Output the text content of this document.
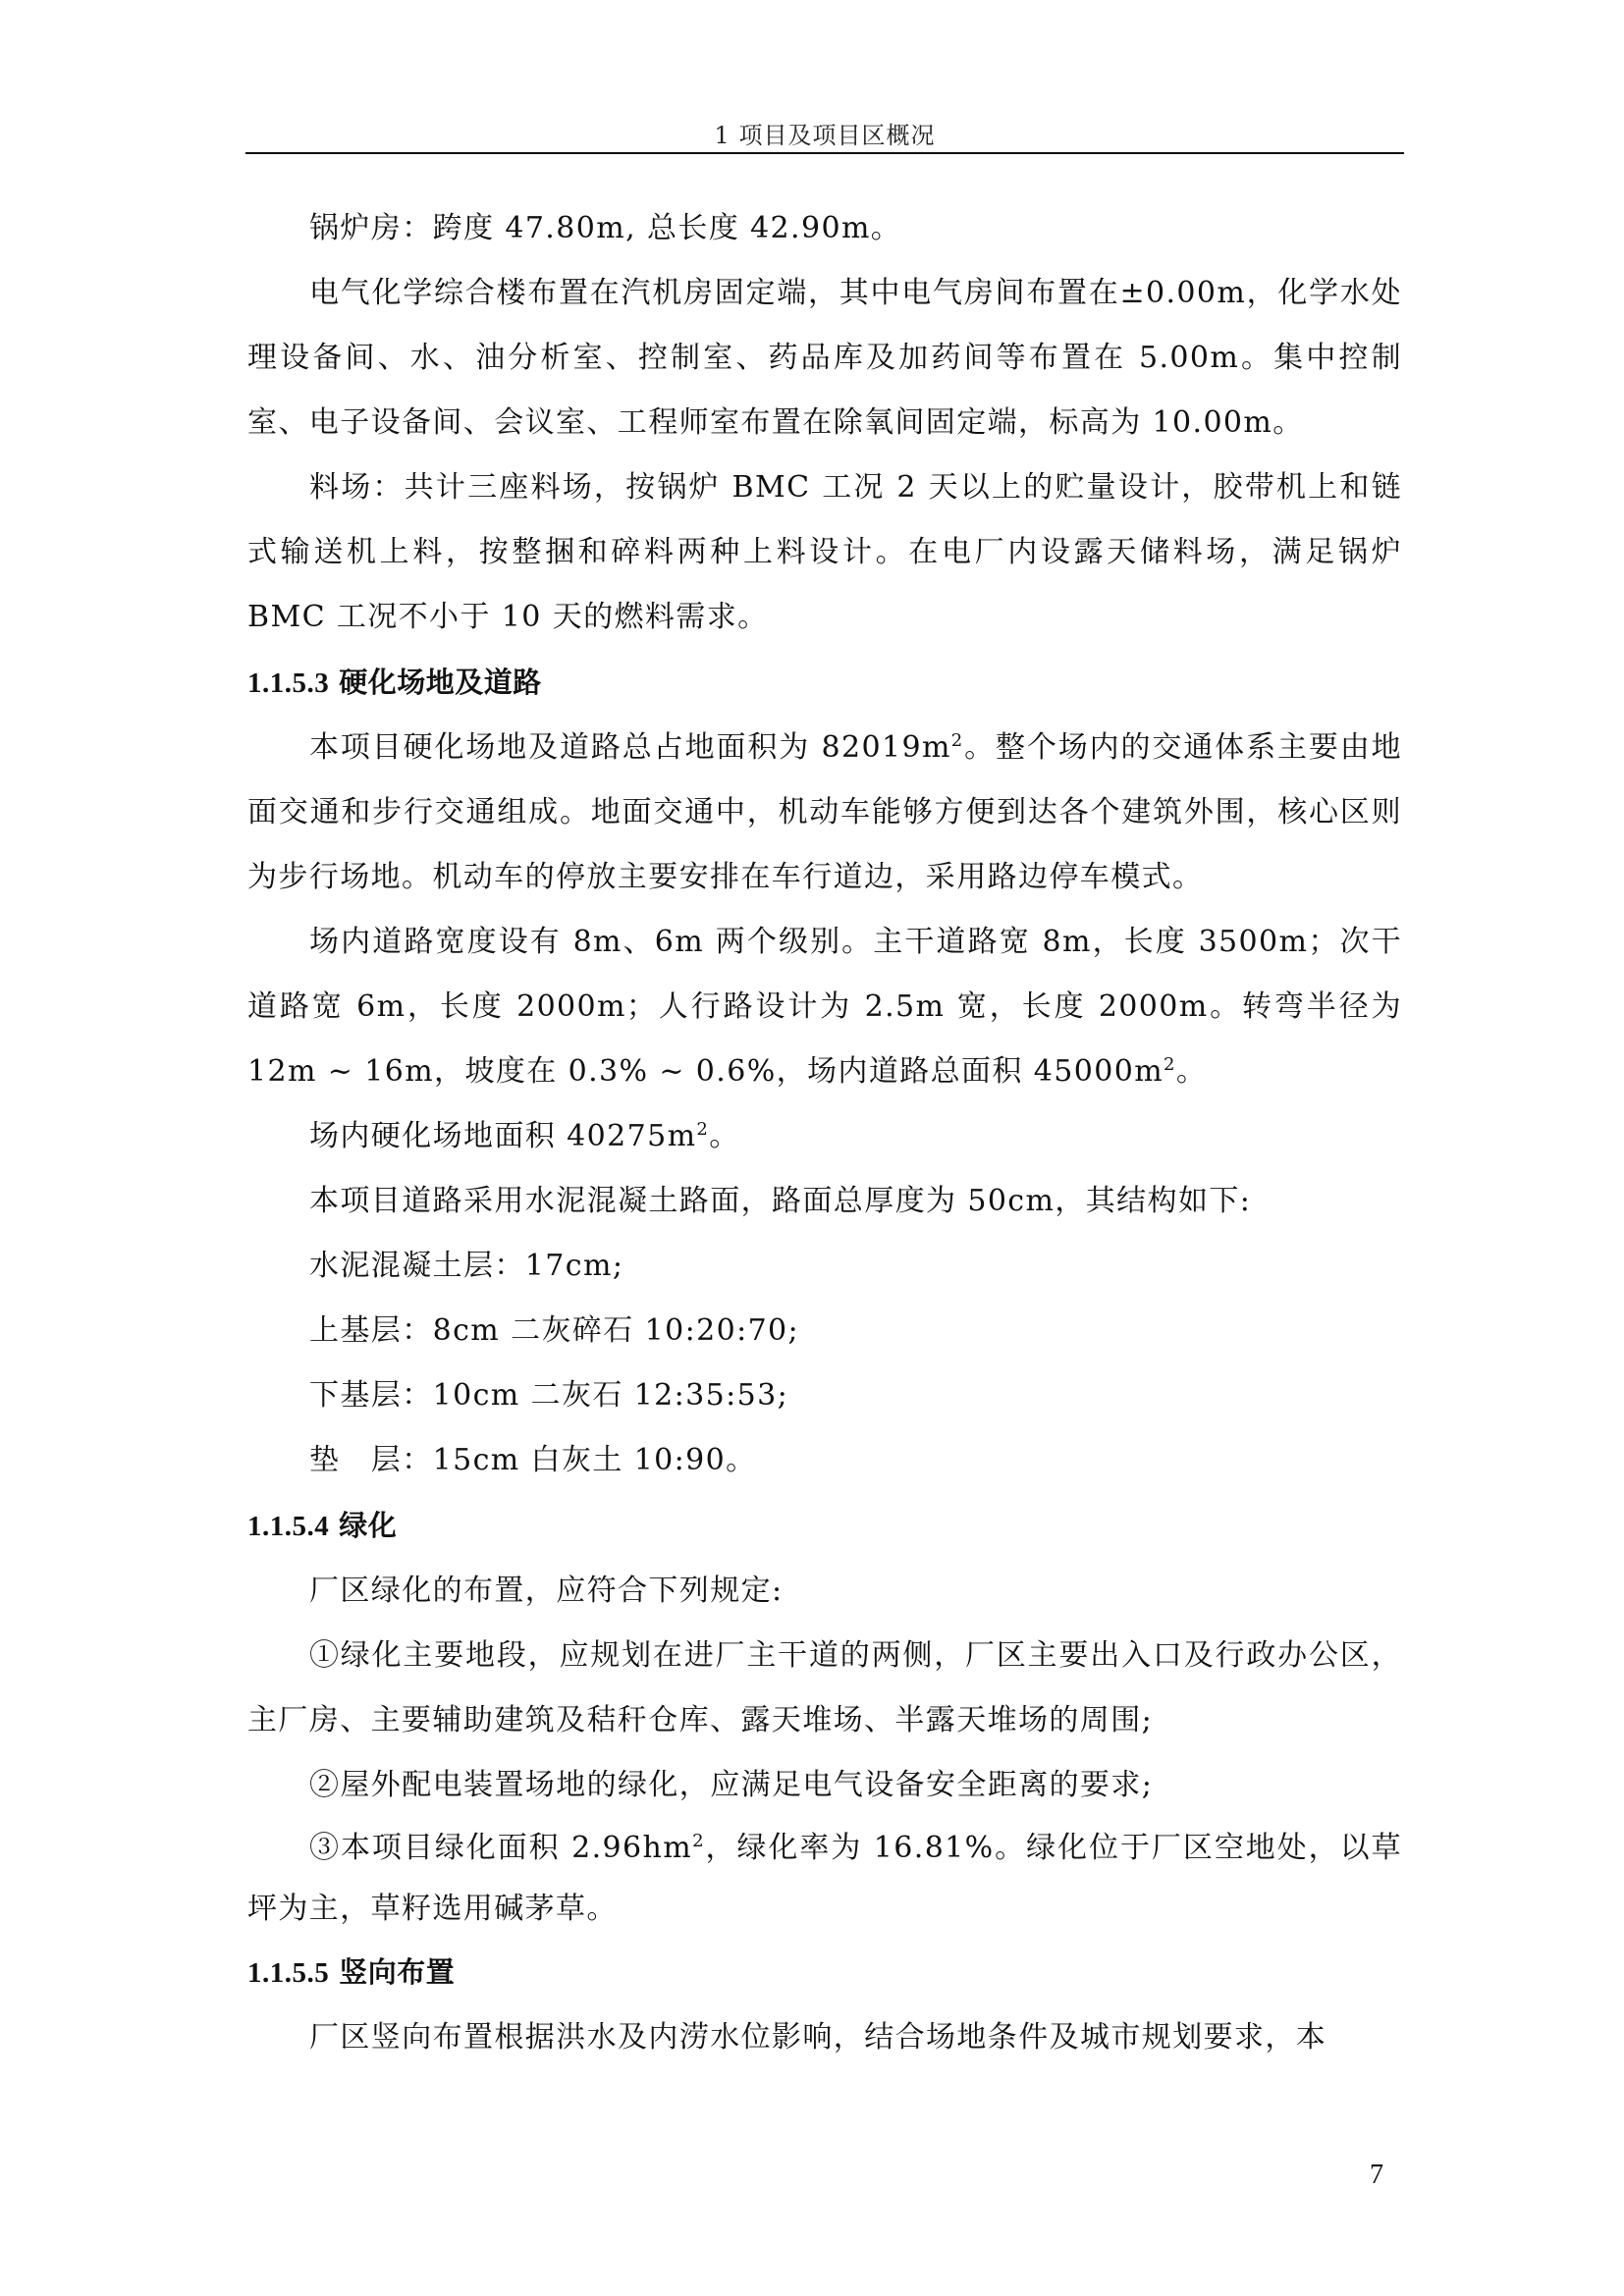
1 项目及项目区概况

锅炉房：跨度 47.80m, 总长度 42.90m。

电气化学综合楼布置在汽机房固定端，其中电气房间布置在±0.00m，化学水处理设备间、水、油分析室、控制室、药品库及加药间等布置在 5.00m。集中控制室、电子设备间、会议室、工程师室布置在除氧间固定端，标高为 10.00m。

料场：共计三座料场，按锅炉 BMC 工况 2 天以上的贮量设计，胶带机上和链式输送机上料，按整捆和碎料两种上料设计。在电厂内设露天储料场，满足锅炉 BMC 工况不小于 10 天的燃料需求。

1.1.5.3 硬化场地及道路

本项目硬化场地及道路总占地面积为 $82019m^2$。整个场内的交通体系主要由地面交通和步行交通组成。地面交通中，机动车能够方便到达各个建筑外围，核心区则为步行场地。机动车的停放主要安排在车行道边，采用路边停车模式。

场内道路宽度设有 8m、6m 两个级别。主干道路宽 8m，长度 3500m；次干道路宽 6m，长度 2000m；人行路设计为 2.5m 宽，长度 2000m。转弯半径为 12m ~ 16m，坡度在 0.3% ~ 0.6%，场内道路总面积 $45000m^2$。

场内硬化场地面积 $40275m^2$。

本项目道路采用水泥混凝土路面，路面总厚度为 50cm，其结构如下:

水泥混凝土层：17cm;

上基层：8cm 二灰碎石 10:20:70;

下基层：10cm 二灰石 12:35:53;

垫　层：15cm 白灰土 10:90。

1.1.5.4 绿化

厂区绿化的布置，应符合下列规定:

①绿化主要地段，应规划在进厂主干道的两侧，厂区主要出入口及行政办公区，主厂房、主要辅助建筑及秸秆仓库、露天堆场、半露天堆场的周围;

②屋外配电装置场地的绿化，应满足电气设备安全距离的要求;

③本项目绿化面积 $2.96hm^2$，绿化率为 16.81%。绿化位于厂区空地处，以草坪为主，草籽选用碱茅草。

1.1.5.5 竖向布置

厂区竖向布置根据洪水及内涝水位影响，结合场地条件及城市规划要求，本

7
